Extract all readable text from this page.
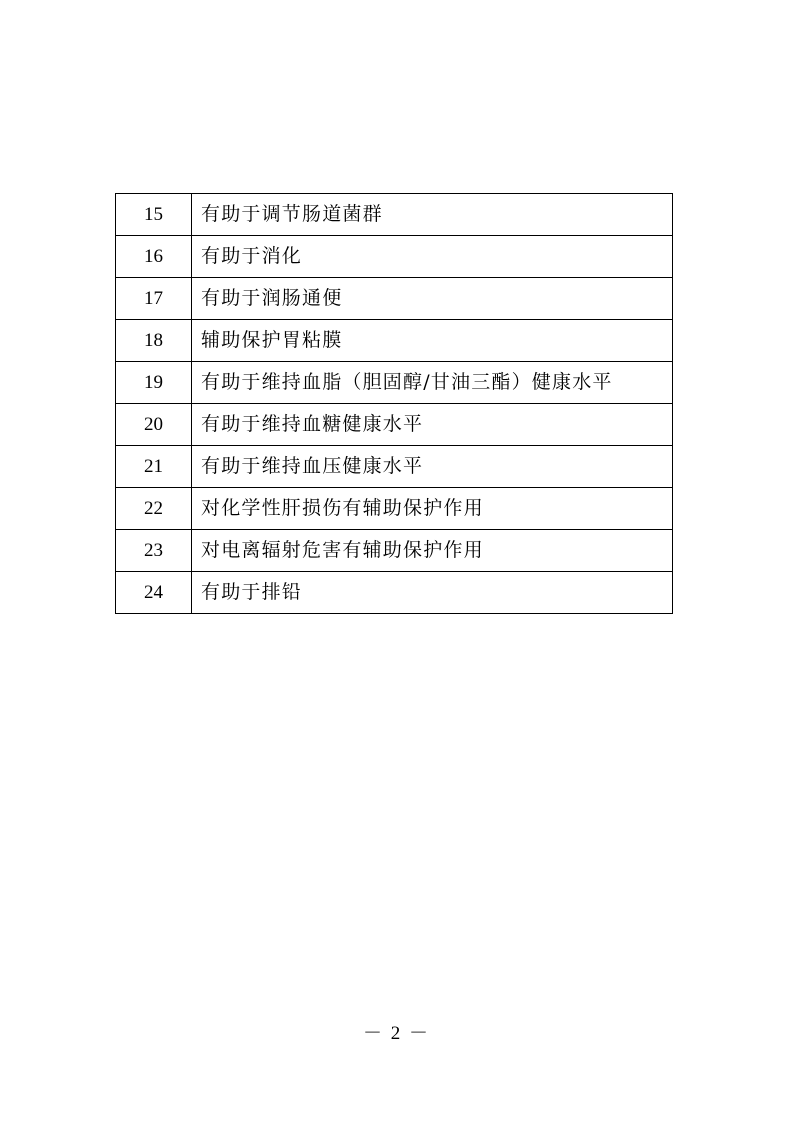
15	有助于调节肠道菌群
16	有助于消化
17	有助于润肠通便
18	辅助保护胃粘膜
19	有助于维持血脂（胆固醇/甘油三酯）健康水平
20	有助于维持血糖健康水平
21	有助于维持血压健康水平
22	对化学性肝损伤有辅助保护作用
23	对电离辐射危害有辅助保护作用
24	有助于排铅
－ 2 －
